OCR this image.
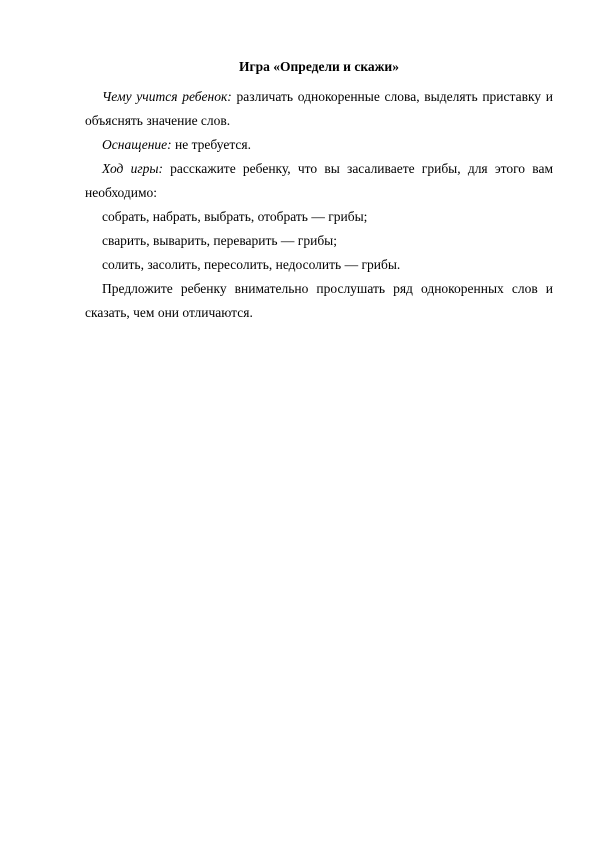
Игра «Определи и скажи»

Чему учится ребенок: различать однокоренные слова, выделять приставку и объяснять значение слов.

Оснащение: не требуется.

Ход игры: расскажите ребенку, что вы засаливаете грибы, для этого вам необходимо:

собрать, набрать, выбрать, отобрать — грибы;

сварить, выварить, переварить — грибы;

солить, засолить, пересолить, недосолить — грибы.

Предложите ребенку внимательно прослушать ряд однокоренных слов и сказать, чем они отличаются.
